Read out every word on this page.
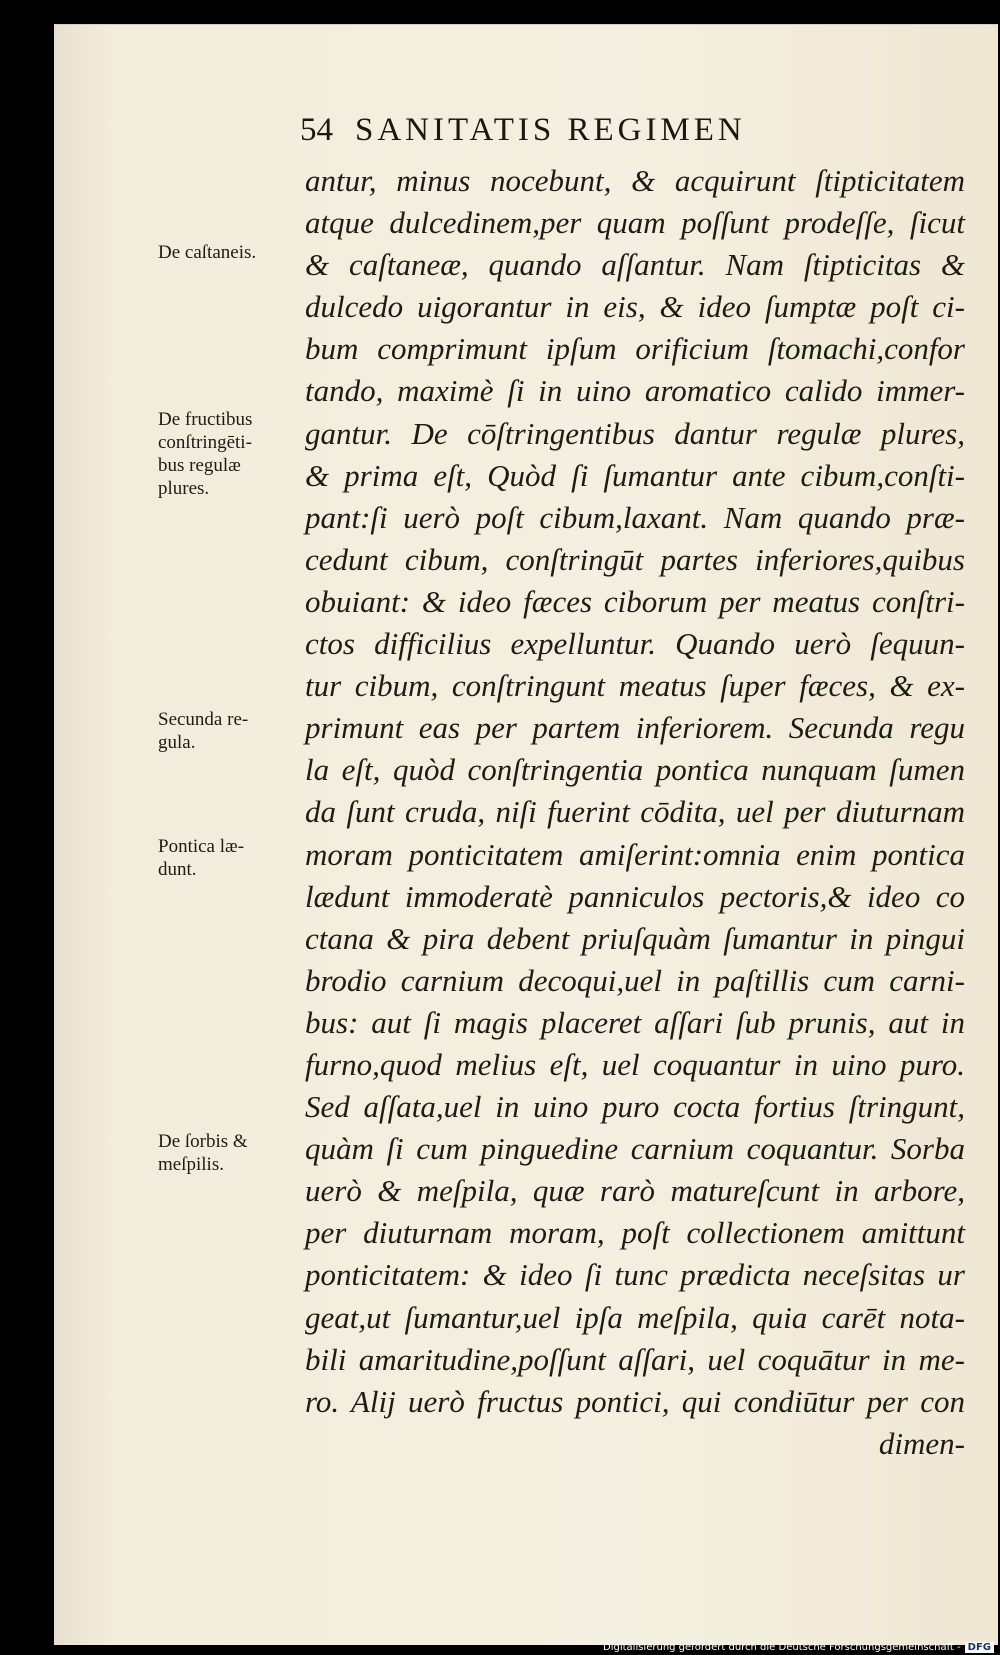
54 SANITATIS REGIMEN
antur, minus nocebunt, & acquirunt ſtipticitatem
atque dulcedinem,per quam poſſunt prodeſſe, ſicut
& caſtaneæ, quando aſſantur. Nam ſtipticitas &
dulcedo uigorantur in eis, & ideo ſumptæ poſt ci-
bum comprimunt ipſum orificium ſtomachi,confor
tando, maximè ſi in uino aromatico calido immer-
gantur. De cōſtringentibus dantur regulæ plures,
& prima eſt, Quòd ſi ſumantur ante cibum,conſti-
pant:ſi uerò poſt cibum,laxant. Nam quando præ-
cedunt cibum, conſtringūt partes inferiores,quibus
obuiant: & ideo fæces ciborum per meatus conſtri-
ctos difficilius expelluntur. Quando uerò ſequun-
tur cibum, conſtringunt meatus ſuper fæces, & ex-
primunt eas per partem inferiorem. Secunda regu
la eſt, quòd conſtringentia pontica nunquam ſumen
da ſunt cruda, niſi fuerint cōdita, uel per diuturnam
moram ponticitatem amiſerint:omnia enim pontica
lædunt immoderatè panniculos pectoris,& ideo co
ctana & pira debent priuſquàm ſumantur in pingui
brodio carnium decoqui,uel in paſtillis cum carni-
bus: aut ſi magis placeret aſſari ſub prunis, aut in
furno,quod melius eſt, uel coquantur in uino puro.
Sed aſſata,uel in uino puro cocta fortius ſtringunt,
quàm ſi cum pinguedine carnium coquantur. Sorba
uerò & meſpila, quæ rarò matureſcunt in arbore,
per diuturnam moram, poſt collectionem amittunt
ponticitatem: & ideo ſi tunc prædicta neceſsitas ur
geat,ut ſumantur,uel ipſa meſpila, quia carēt nota-
bili amaritudine,poſſunt aſſari, uel coquātur in me-
ro. Alij uerò fructus pontici, qui condiūtur per con
dimen-
De caſtaneis.
De fructibus
conſtringēti-
bus regulæ
plures.
Secunda re-
gula.
Pontica læ-
dunt.
De ſorbis &
meſpilis.
Digitalisierung gefördert durch die Deutsche Forschungsgemeinschaft - DFG
